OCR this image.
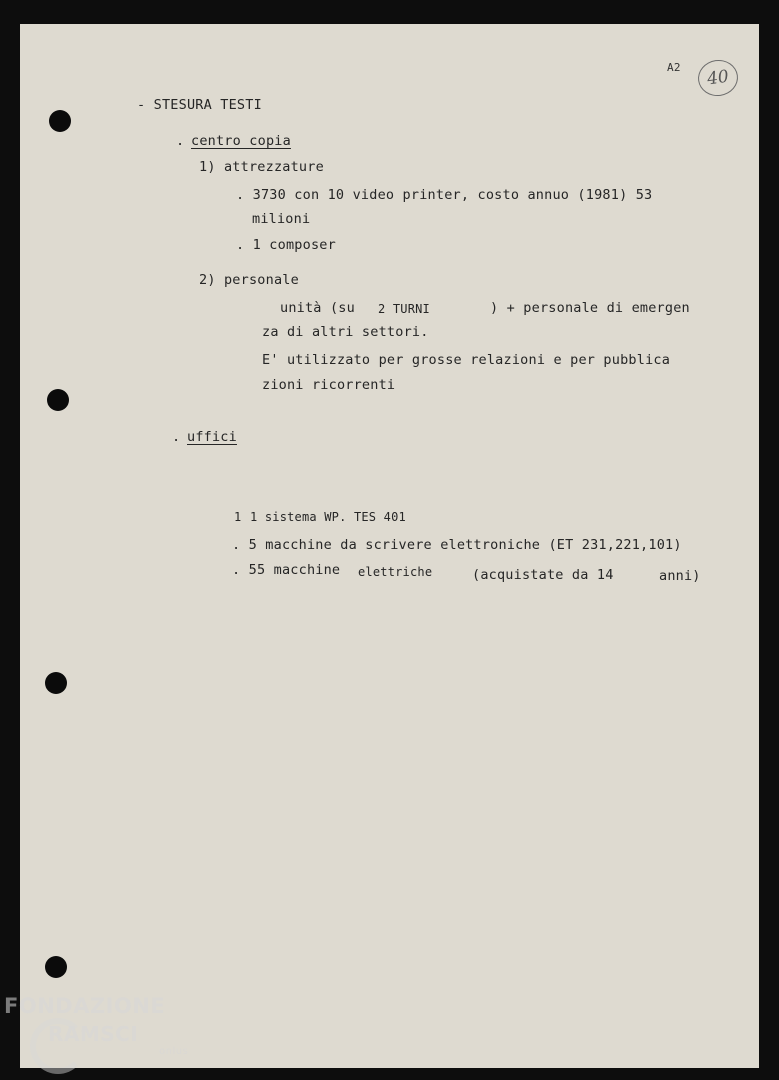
A2	40
- STESURA TESTI
. centro copia
1) attrezzature
. 3730 con 10 video printer, costo annuo (1981) 53
milioni
. 1 composer
2) personale
unità (su 2 TURNI	) + personale di emergen
za di altri settori.
E' utilizzato per grosse relazioni e per pubblica
zioni ricorrenti
. uffici
1 1 sistema WP. TES 401
. 5 macchine da scrivere elettroniche (ET 231,221,101)
. 55 macchine elettriche	(acquistate da 14	anni)
FONDAZIONE
RAMSCI
onlus
